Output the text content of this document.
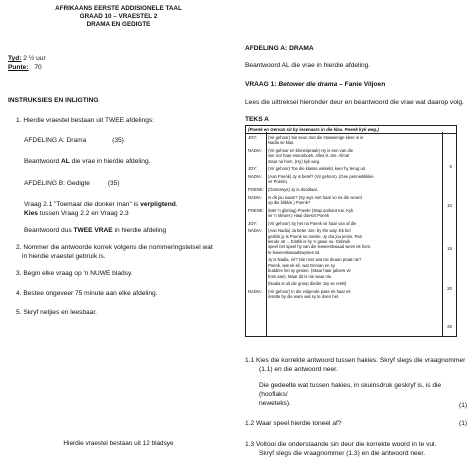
AFRIKAANS EERSTE ADDISIONELE TAAL
GRAAD 10 – VRAESTEL 2
DRAMA EN GEDIGTE
Tyd: 2 ½ uur
Punte: 70
INSTRUKSIES EN INLIGTING
1. Hierdie vraestel bestaan uit TWEE afdelings:
AFDELING A: Drama	(35)
Beantwoord AL die vrae in hierdie afdeling.
AFDELING B: Gedigte	(35)
Vraag 2.1 "Toemaar die donker man" is verpligtend.
Kies tussen Vraag 2.2 en Vraag 2.3
Beantwoord dus TWEE VRAE in hierdie afdeling
2. Nommer die antwoorde korrek volgens die nommeringstelsel wat
in hierdie vraestel gebruik is.
3. Begin elke vraag op 'n NUWE bladsy.
4. Bestee ongeveer 75 minute aan elke afdeling.
5. Skryf netjies en leesbaar.
Hierdie vraestel bestaan uit 12 bladsye
AFDELING A: DRAMA
Beantwoord AL die vrae in hierdie afdeling.
VRAAG 1: Betower die drama – Fanie Viljoen
Lees die uittreksel hieronder deur en beantwoord die vrae wat daarop volg.
TEKS A
(Poenk en Gervan sit by losenaars in die klas. Poenk kyk weg.)
JOY:	(Vir gehoor) Sie seun met die stowwerige klere is in
Nadia se klas.
NADIA: (Vir gehoor en binnespraak) Hy is een van die
vier oor haar eseunboek. Alles is Joe. Almal
staar na hom. (Hy) kyk weg.
JOY:	(Vir gehoor) Toe die klasse wisseld, keer hy terug uit.
NADIA: (Aan Poenk) Jy is betel? (Vir gehoor). (Gee pennieblikkie
vir Poenk).
POENK: (Groterwys) Jy is doodtaai.
NADIA: Is dit jou naam? (Sy wys met haar vo na die woord
op die blikkie.) Poenk?
POENK: (Met 'n glimlag) Poenk! (Stap oorkant toe. Kyk
vir 'n skrwer.) Haai doesnt Poenk
JOY:	(Vir gehoor) Sy het na Poenk vir haar van af die
NADIA: (Aan Nadia) Ja beter Joe. by the way. Ek bel
gedink jy is Poenk se meisie. Jy dra jou jersie. Pas
kende oë ... Eintlik is hy 'n gawe ou. Gebruik
speel net speel hy van die leweerskwaad wees ek hom.
te leweerskwaadswysies sit.
Jy is Nadia, né? Die mos wat nie deaan praat nie?
Poenk, wat ek sê, wat Gervan en sy
buddies het sy gesien. (Staar haar jaloers vir
hom aan). Maar dit is nie waar nie.
(Nadia is uit die groep dieder Joy se reëls)
NADIA: (Vir gehoor) In die volgende pase ek haar ek
insette by die ware wat sy te doen het.
5
10
15
20
25
1.1 Kies die korrekte antwoord tussen hakies. Skryf slegs die vraagnommer
(1.1) en die antwoord neer.
Die gedeelte wat tussen hakies, in skuinsdruk geskryf is, is die
(hooflaks/
neweteks).	(1)
1.2 Waar speel hierdie toneel af?	(1)
1.3 Voltooi die onderstaande sin deur die korrekte woord in te vul.
Skryf slegs die vraagnommer (1.3) en die antwoord neer.
